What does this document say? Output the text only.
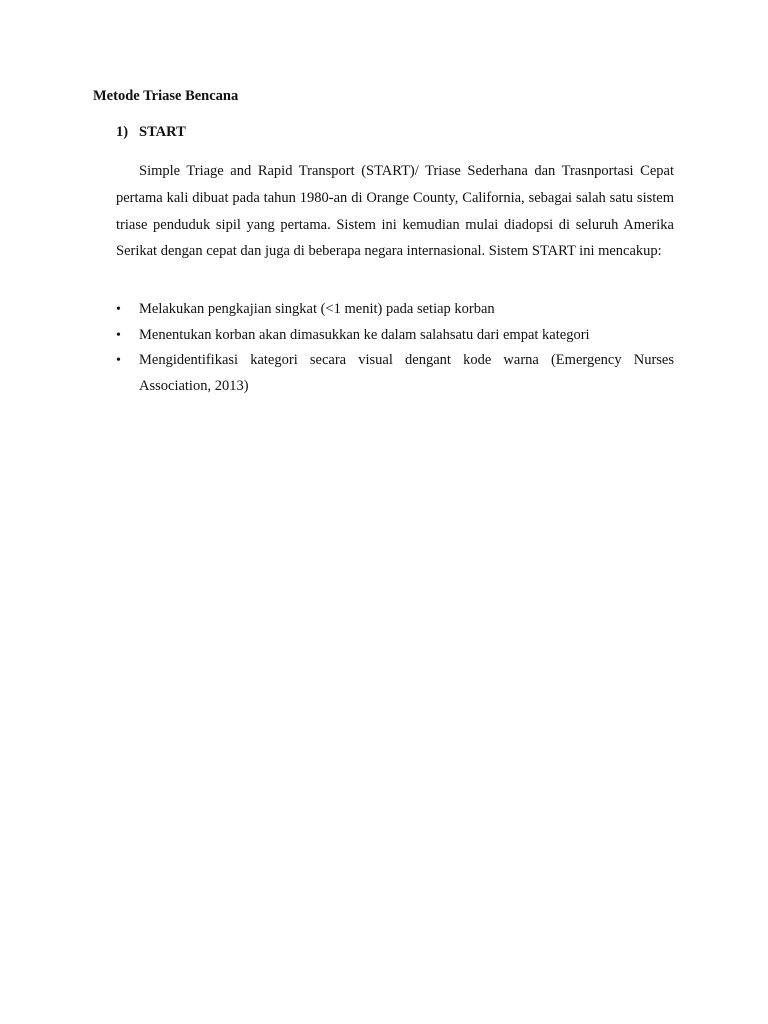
Metode Triase Bencana

1) START

Simple Triage and Rapid Transport (START)/ Triase Sederhana dan Trasnportasi Cepat pertama kali dibuat pada tahun 1980-an di Orange County, California, sebagai salah satu sistem triase penduduk sipil yang pertama. Sistem ini kemudian mulai diadopsi di seluruh Amerika Serikat dengan cepat dan juga di beberapa negara internasional. Sistem START ini mencakup:

•	Melakukan pengkajian singkat (<1 menit) pada setiap korban
•	Menentukan korban akan dimasukkan ke dalam salahsatu dari empat kategori
•	Mengidentifikasi kategori secara visual dengant kode warna (Emergency Nurses Association, 2013)
